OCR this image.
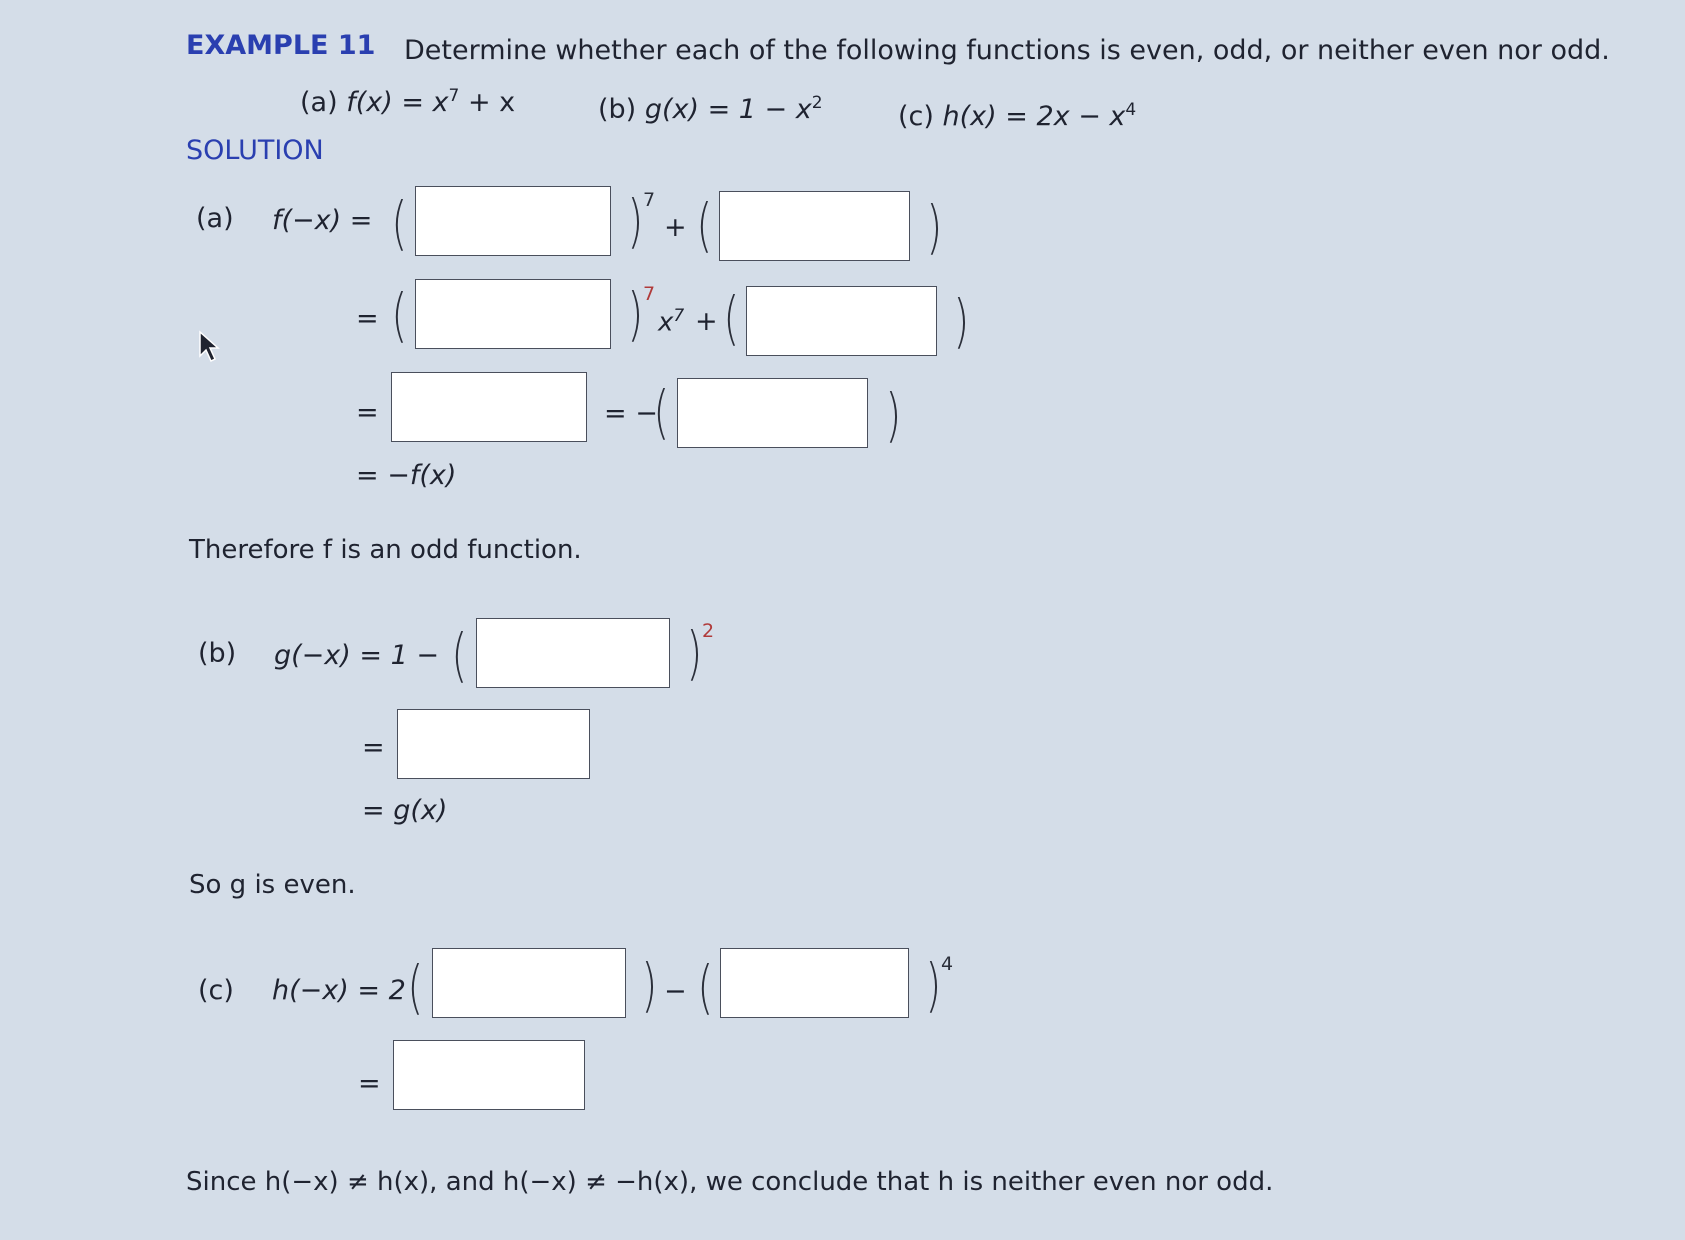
EXAMPLE 11 Determine whether each of the following functions is even, odd, or neither even nor odd.
(a) $f(x) = x^7 + x$	(b) $g(x) = 1 - x^2$	(c) $h(x) = 2x - x^4$
SOLUTION
(a) f(−x) = (	) 7
+ (	)
= (	) 7
$x^7$ + (	)
=	= −
(	)
= −f(x)
Therefore f is an odd function.
(b) g(−x) = 1 − (	) 2
=
= g(x)
So g is even.
(c) h(−x) = 2 (	) − (	) 4
=
Since h(−x) ≠ h(x), and h(−x) ≠ −h(x), we conclude that h is neither even nor odd.
